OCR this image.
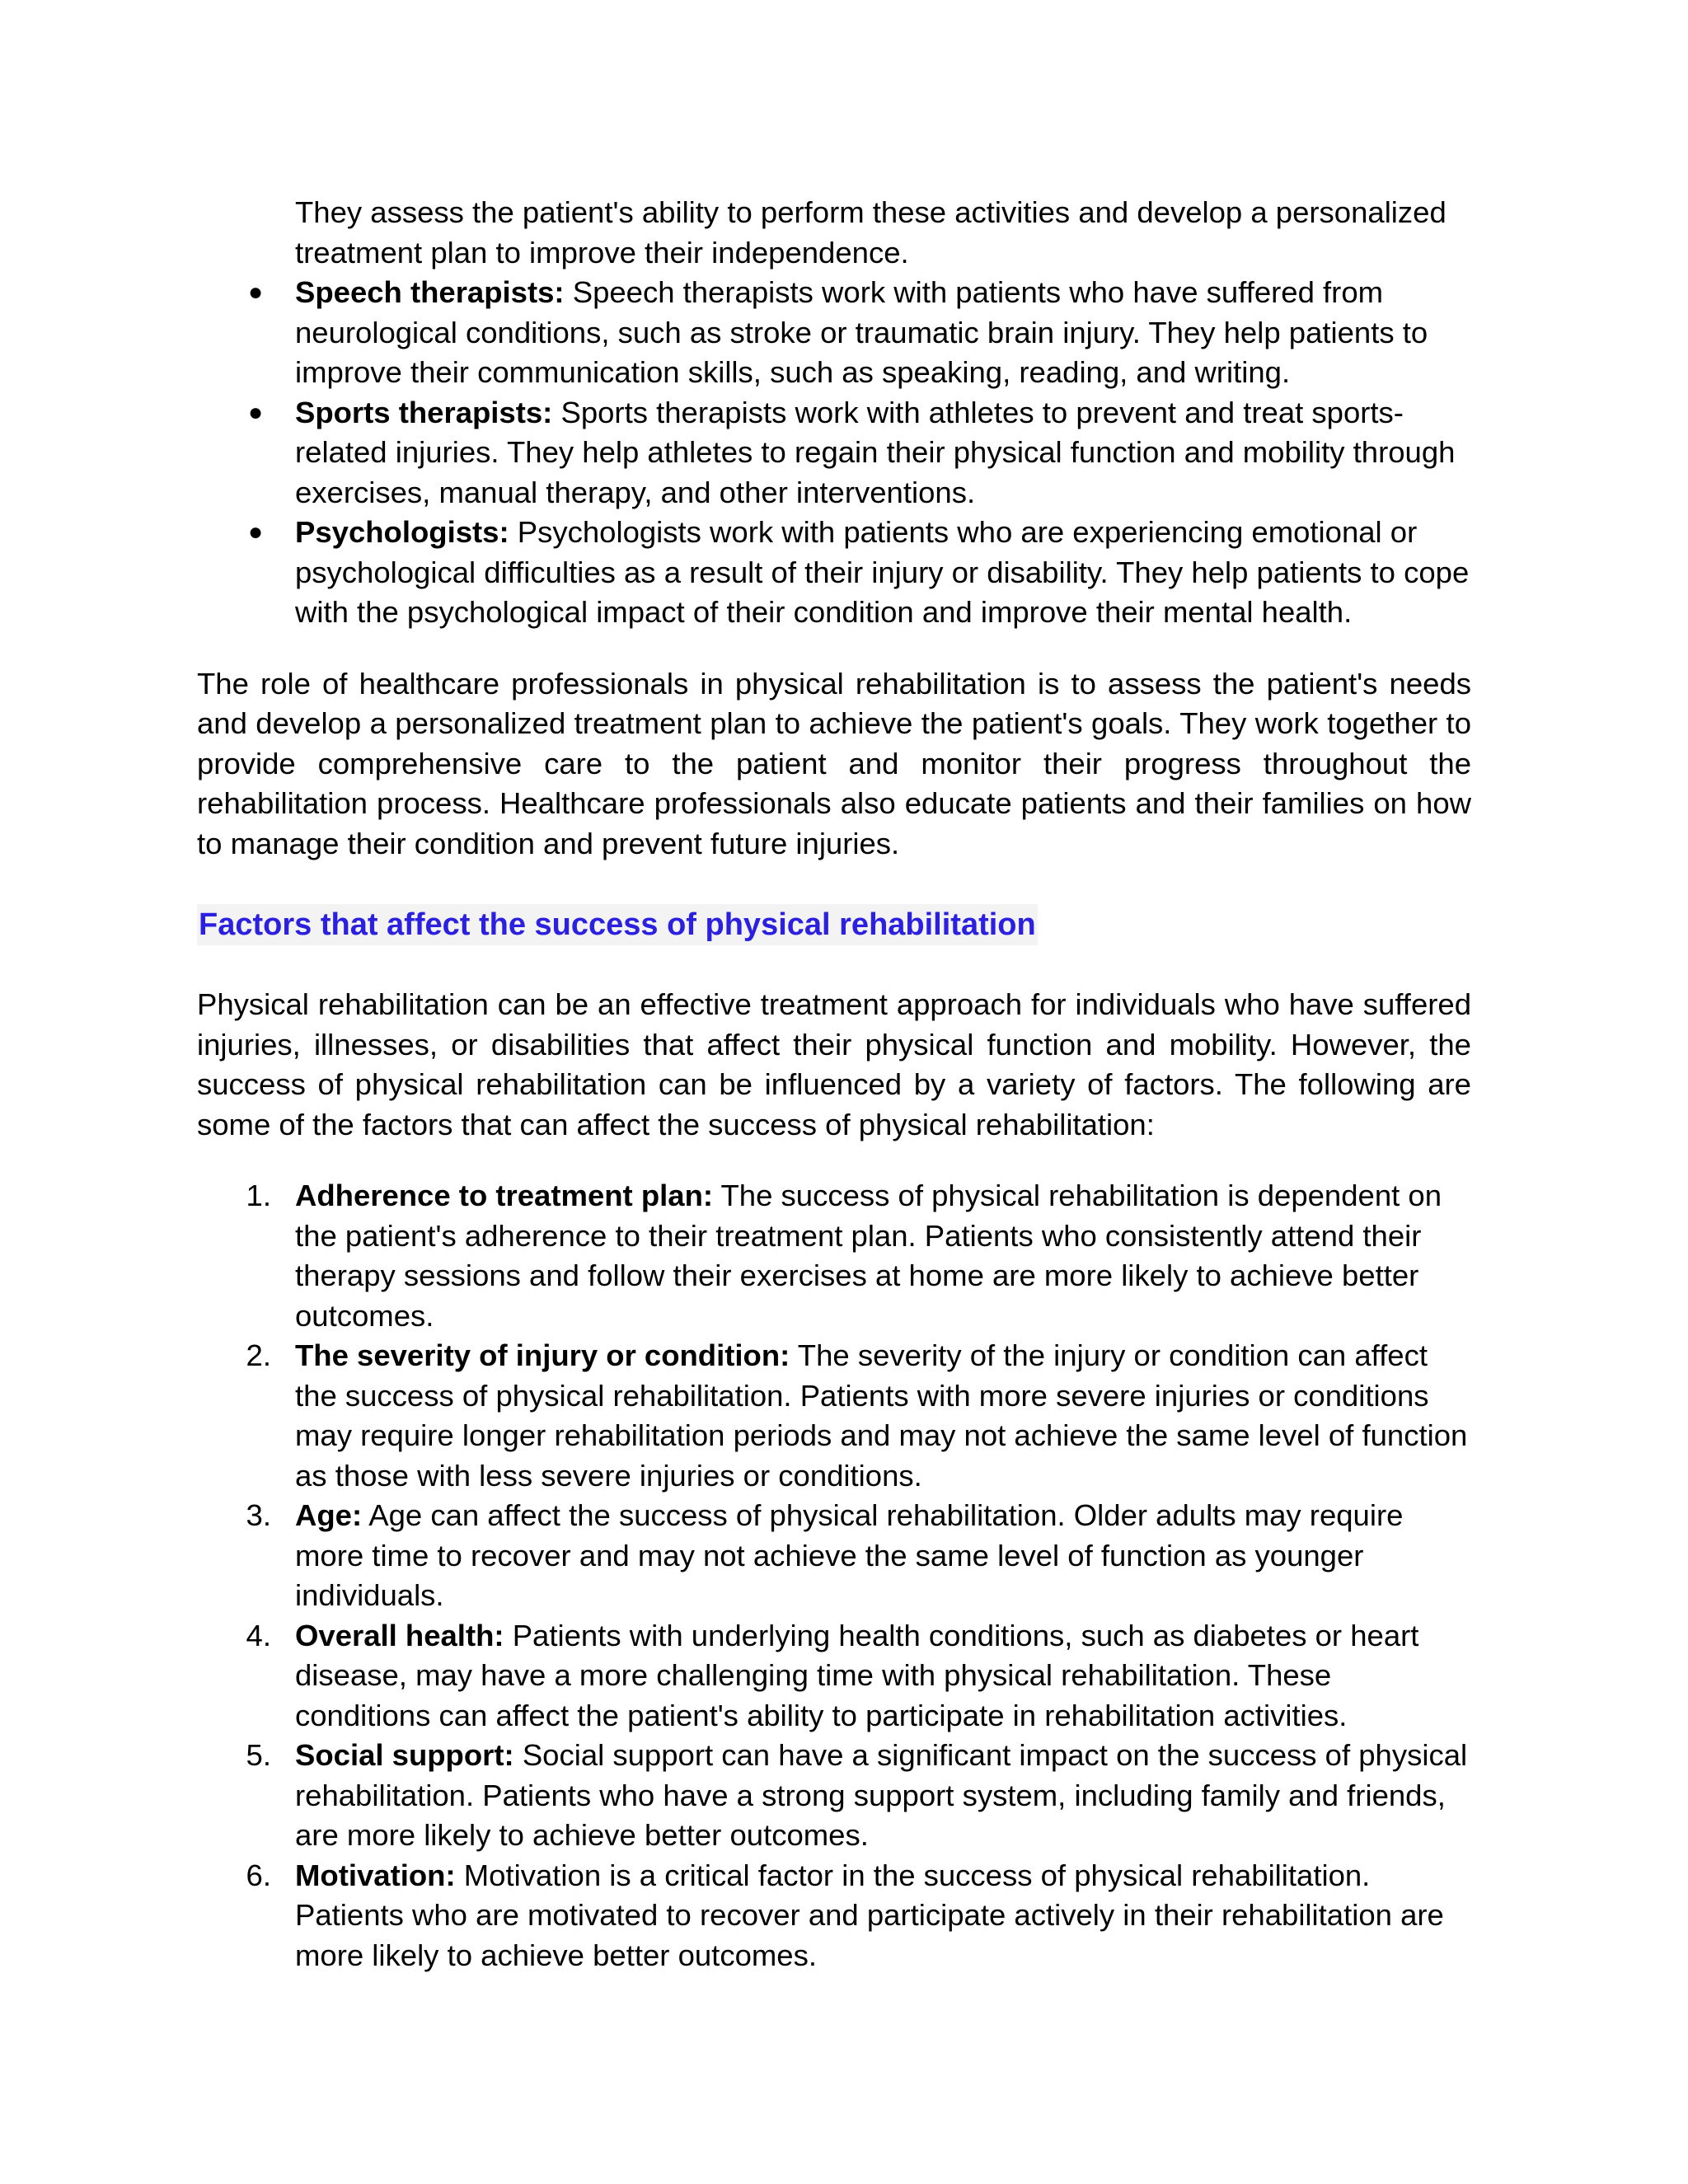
They assess the patient's ability to perform these activities and develop a personalized treatment plan to improve their independence.
● Speech therapists: Speech therapists work with patients who have suffered from neurological conditions, such as stroke or traumatic brain injury. They help patients to improve their communication skills, such as speaking, reading, and writing.
● Sports therapists: Sports therapists work with athletes to prevent and treat sports-related injuries. They help athletes to regain their physical function and mobility through exercises, manual therapy, and other interventions.
● Psychologists: Psychologists work with patients who are experiencing emotional or psychological difficulties as a result of their injury or disability. They help patients to cope with the psychological impact of their condition and improve their mental health.

The role of healthcare professionals in physical rehabilitation is to assess the patient's needs and develop a personalized treatment plan to achieve the patient's goals. They work together to provide comprehensive care to the patient and monitor their progress throughout the rehabilitation process. Healthcare professionals also educate patients and their families on how to manage their condition and prevent future injuries.

Factors that affect the success of physical rehabilitation

Physical rehabilitation can be an effective treatment approach for individuals who have suffered injuries, illnesses, or disabilities that affect their physical function and mobility. However, the success of physical rehabilitation can be influenced by a variety of factors. The following are some of the factors that can affect the success of physical rehabilitation:

1. Adherence to treatment plan: The success of physical rehabilitation is dependent on the patient's adherence to their treatment plan. Patients who consistently attend their therapy sessions and follow their exercises at home are more likely to achieve better outcomes.
2. The severity of injury or condition: The severity of the injury or condition can affect the success of physical rehabilitation. Patients with more severe injuries or conditions may require longer rehabilitation periods and may not achieve the same level of function as those with less severe injuries or conditions.
3. Age: Age can affect the success of physical rehabilitation. Older adults may require more time to recover and may not achieve the same level of function as younger individuals.
4. Overall health: Patients with underlying health conditions, such as diabetes or heart disease, may have a more challenging time with physical rehabilitation. These conditions can affect the patient's ability to participate in rehabilitation activities.
5. Social support: Social support can have a significant impact on the success of physical rehabilitation. Patients who have a strong support system, including family and friends, are more likely to achieve better outcomes.
6. Motivation: Motivation is a critical factor in the success of physical rehabilitation. Patients who are motivated to recover and participate actively in their rehabilitation are more likely to achieve better outcomes.
